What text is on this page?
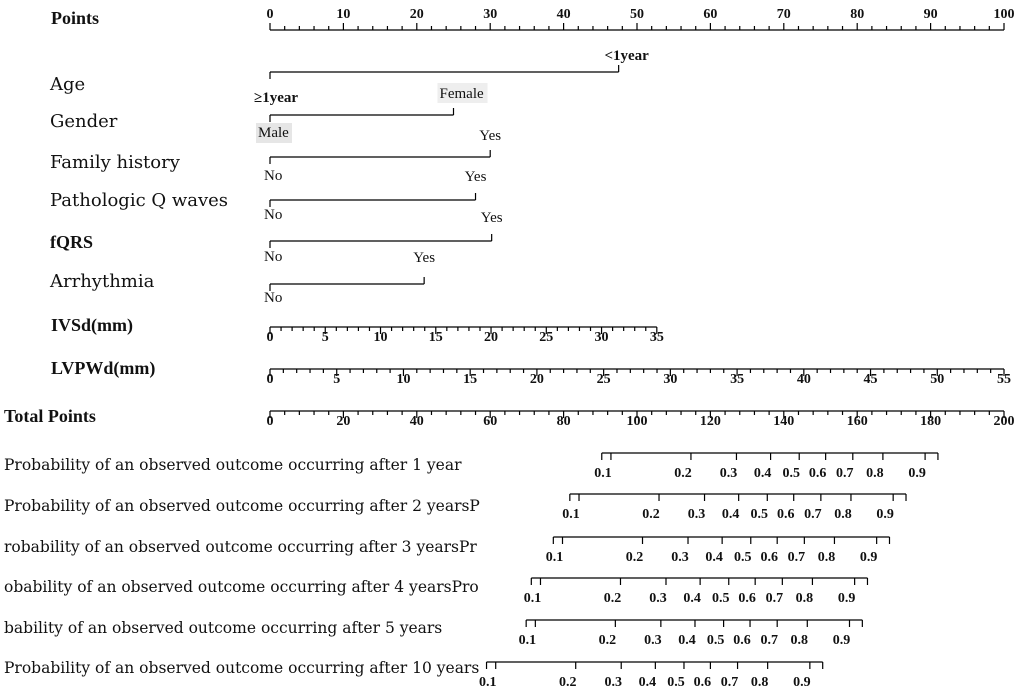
Points
Age
Gender
Family history
Pathologic Q waves
fQRS
Arrhythmia
IVSd(mm)
LVPWd(mm)
Total Points
Probability of an observed outcome occurring after 1 year
Probability of an observed outcome occurring after 2 yearsP
robability of an observed outcome occurring after 3 yearsPr
obability of an observed outcome occurring after 4 yearsPro
bability of an observed outcome occurring after 5 years
Probability of an observed outcome occurring after 10 years
0	10	20	30	40	50	60	70	80	90	100
≥1year
<1year
Male
Female
No
Yes
No
Yes
No
Yes
No
Yes
0	5	10	15	20	25	30	35
0	5	10	15	20	25	30	35	40	45	50	55
0	20	40	60	80	100	120	140	160	180	200
0.1	0.2 0.3 0.4 0.5 0.6 0.7 0.8 0.9
0.1	0.2 0.3 0.4 0.5 0.6 0.7 0.8 0.9
0.1	0.2 0.3 0.4 0.5 0.6 0.7 0.8 0.9
0.1	0.2 0.3 0.4 0.5 0.6 0.7 0.8 0.9
0.1	0.2 0.3 0.4 0.5 0.6 0.7 0.8 0.9
0.1	0.2 0.3 0.4 0.5 0.6 0.7 0.8 0.9
